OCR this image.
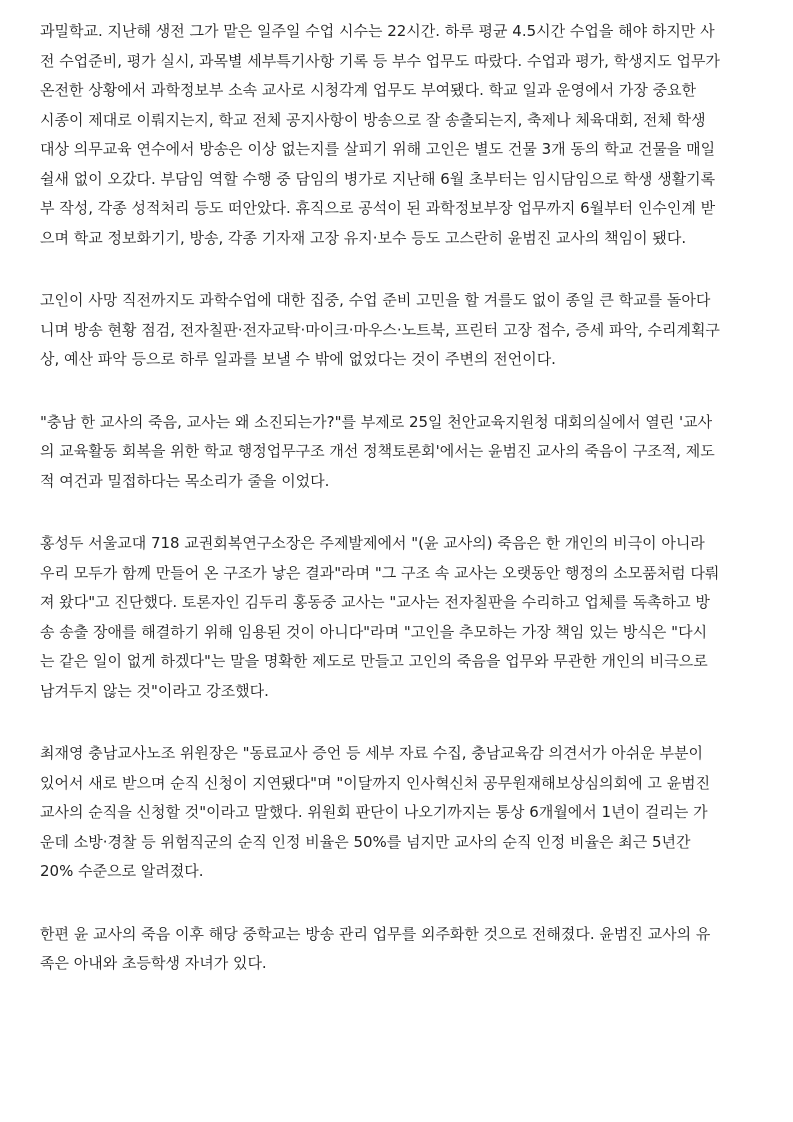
과밀학교. 지난해 생전 그가 맡은 일주일 수업 시수는 22시간. 하루 평균 4.5시간 수업을 해야 하지만 사
전 수업준비, 평가 실시, 과목별 세부특기사항 기록 등 부수 업무도 따랐다. 수업과 평가, 학생지도 업무가
온전한 상황에서 과학정보부 소속 교사로 시청각계 업무도 부여됐다. 학교 일과 운영에서 가장 중요한
시종이 제대로 이뤄지는지, 학교 전체 공지사항이 방송으로 잘 송출되는지, 축제나 체육대회, 전체 학생
대상 의무교육 연수에서 방송은 이상 없는지를 살피기 위해 고인은 별도 건물 3개 동의 학교 건물을 매일
쉴새 없이 오갔다. 부담임 역할 수행 중 담임의 병가로 지난해 6월 초부터는 임시담임으로 학생 생활기록
부 작성, 각종 성적처리 등도 떠안았다. 휴직으로 공석이 된 과학정보부장 업무까지 6월부터 인수인계 받
으며 학교 정보화기기, 방송, 각종 기자재 고장 유지·보수 등도 고스란히 윤범진 교사의 책임이 됐다.
고인이 사망 직전까지도 과학수업에 대한 집중, 수업 준비 고민을 할 겨를도 없이 종일 큰 학교를 돌아다
니며 방송 현황 점검, 전자칠판·전자교탁·마이크·마우스·노트북, 프린터 고장 접수, 증세 파악, 수리계획구
상, 예산 파악 등으로 하루 일과를 보낼 수 밖에 없었다는 것이 주변의 전언이다.
"충남 한 교사의 죽음, 교사는 왜 소진되는가?"를 부제로 25일 천안교육지원청 대회의실에서 열린 '교사
의 교육활동 회복을 위한 학교 행정업무구조 개선 정책토론회'에서는 윤범진 교사의 죽음이 구조적, 제도
적 여건과 밀접하다는 목소리가 줄을 이었다.
홍성두 서울교대 718 교권회복연구소장은 주제발제에서 "(윤 교사의) 죽음은 한 개인의 비극이 아니라
우리 모두가 함께 만들어 온 구조가 낳은 결과"라며 "그 구조 속 교사는 오랫동안 행정의 소모품처럼 다뤄
져 왔다"고 진단했다. 토론자인 김두리 홍동중 교사는 "교사는 전자칠판을 수리하고 업체를 독촉하고 방
송 송출 장애를 해결하기 위해 임용된 것이 아니다"라며 "고인을 추모하는 가장 책임 있는 방식은 "다시
는 같은 일이 없게 하겠다"는 말을 명확한 제도로 만들고 고인의 죽음을 업무와 무관한 개인의 비극으로
남겨두지 않는 것"이라고 강조했다.
최재영 충남교사노조 위원장은 "동료교사 증언 등 세부 자료 수집, 충남교육감 의견서가 아쉬운 부분이
있어서 새로 받으며 순직 신청이 지연됐다"며 "이달까지 인사혁신처 공무원재해보상심의회에 고 윤범진
교사의 순직을 신청할 것"이라고 말했다. 위원회 판단이 나오기까지는 통상 6개월에서 1년이 걸리는 가
운데 소방·경찰 등 위험직군의 순직 인정 비율은 50%를 넘지만 교사의 순직 인정 비율은 최근 5년간
20% 수준으로 알려졌다.
한편 윤 교사의 죽음 이후 해당 중학교는 방송 관리 업무를 외주화한 것으로 전해졌다. 윤범진 교사의 유
족은 아내와 초등학생 자녀가 있다.
